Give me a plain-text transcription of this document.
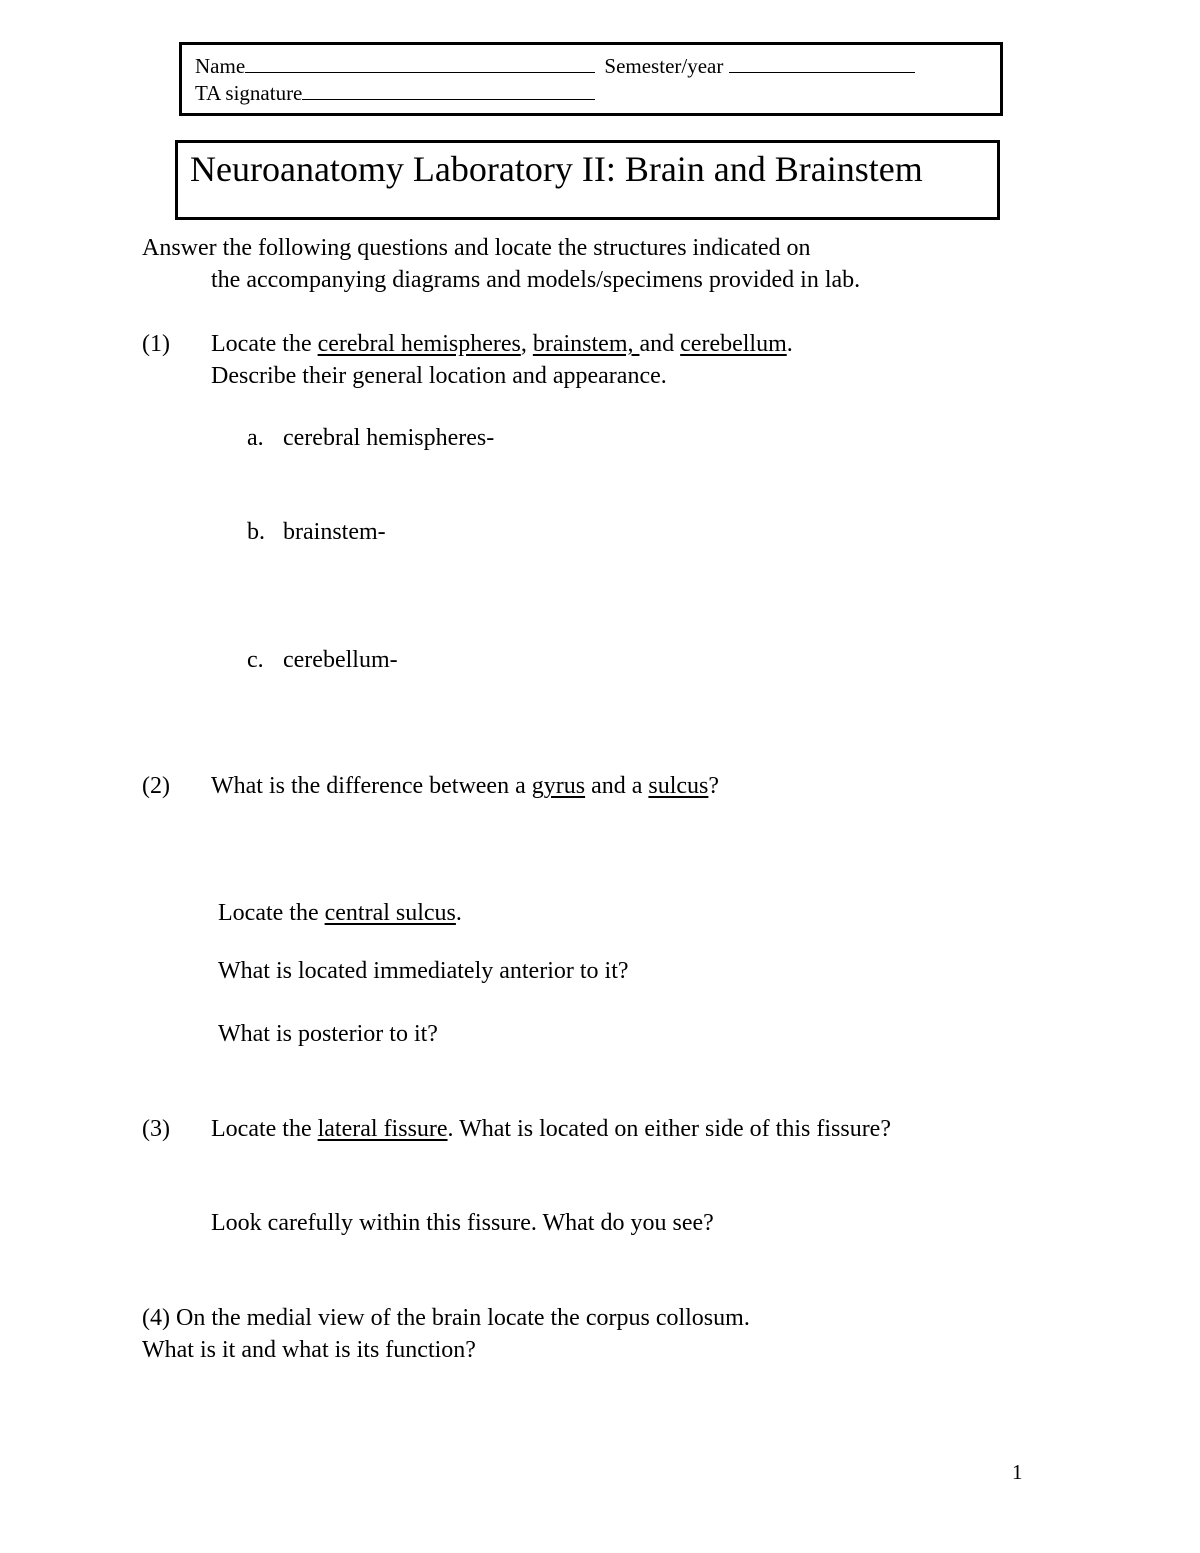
Name	Semester/year
TA signature
Neuroanatomy Laboratory II: Brain and Brainstem
Answer the following questions and locate the structures indicated on
the accompanying diagrams and models/specimens provided in lab.
(1) Locate the cerebral hemispheres, brainstem, and cerebellum.
Describe their general location and appearance.
a. cerebral hemispheres-
b. brainstem-
c. cerebellum-
(2) What is the difference between a gyrus and a sulcus?
Locate the central sulcus.
What is located immediately anterior to it?
What is posterior to it?
(3) Locate the lateral fissure. What is located on either side of this fissure?
Look carefully within this fissure. What do you see?
(4) On the medial view of the brain locate the corpus collosum.
What is it and what is its function?
1
